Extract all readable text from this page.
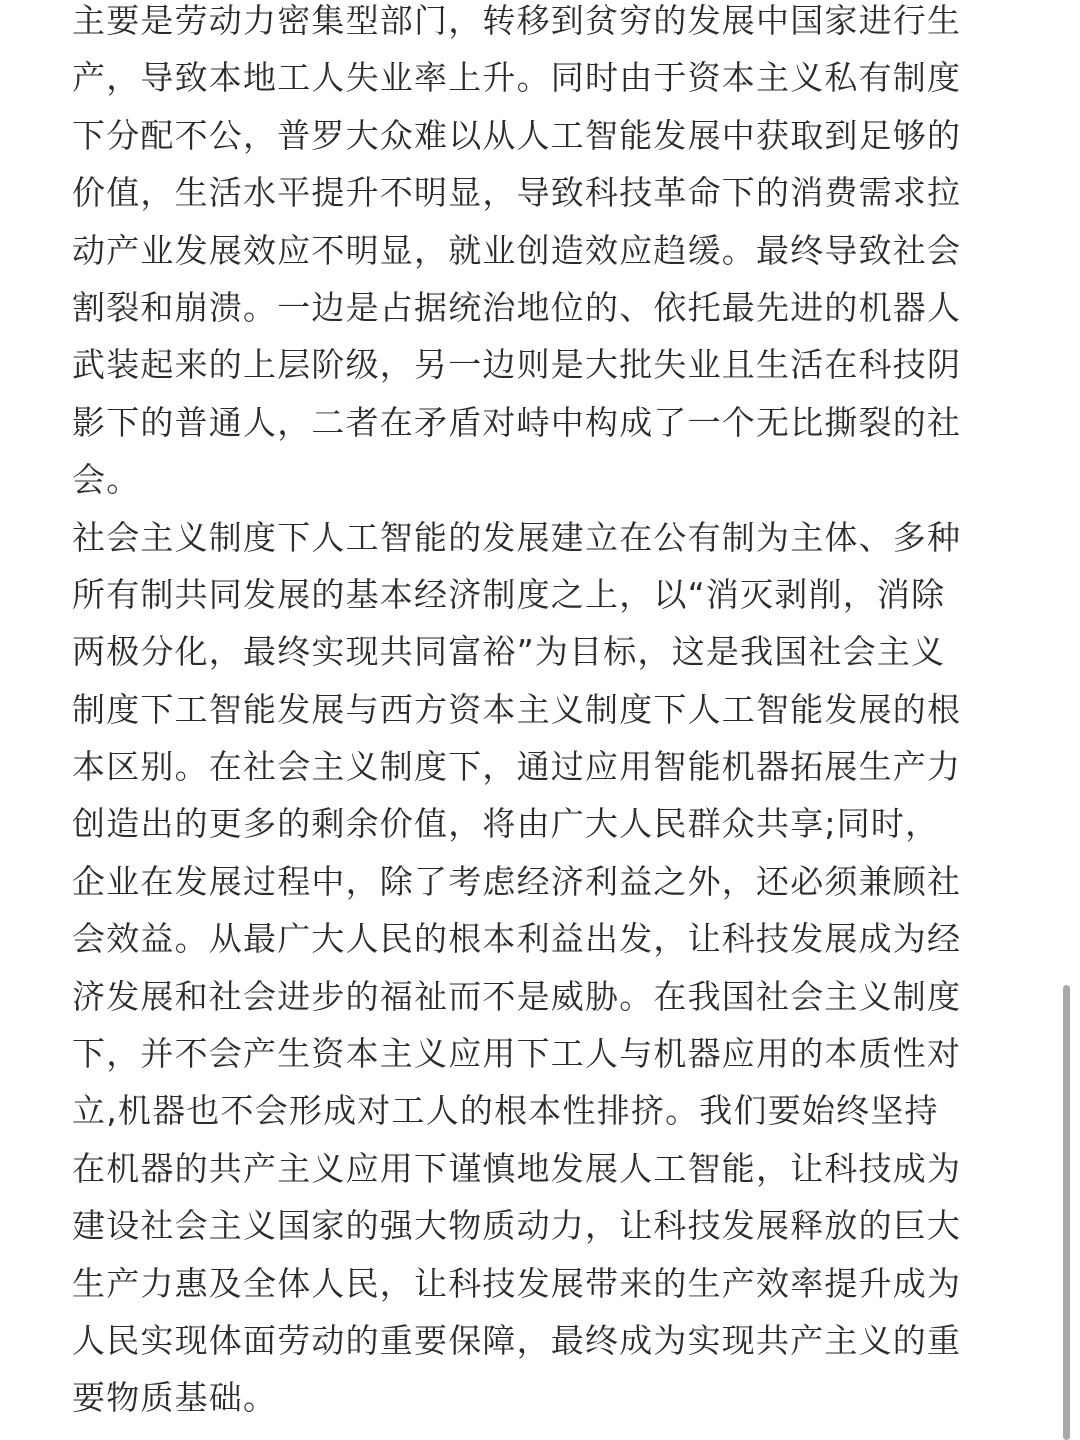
主要是劳动力密集型部门，转移到贫穷的发展中国家进行生

产，导致本地工人失业率上升。同时由于资本主义私有制度

下分配不公，普罗大众难以从人工智能发展中获取到足够的

价值，生活水平提升不明显，导致科技革命下的消费需求拉

动产业发展效应不明显，就业创造效应趋缓。最终导致社会

割裂和崩溃。一边是占据统治地位的、依托最先进的机器人

武装起来的上层阶级，另一边则是大批失业且生活在科技阴

影下的普通人，二者在矛盾对峙中构成了一个无比撕裂的社

会。

社会主义制度下人工智能的发展建立在公有制为主体、多种

所有制共同发展的基本经济制度之上，以“消灭剥削，消除

两极分化，最终实现共同富裕”为目标，这是我国社会主义

制度下工智能发展与西方资本主义制度下人工智能发展的根

本区别。在社会主义制度下，通过应用智能机器拓展生产力

创造出的更多的剩余价值，将由广大人民群众共享;同时，

企业在发展过程中，除了考虑经济利益之外，还必须兼顾社

会效益。从最广大人民的根本利益出发，让科技发展成为经

济发展和社会进步的福祉而不是威胁。在我国社会主义制度

下，并不会产生资本主义应用下工人与机器应用的本质性对

立,机器也不会形成对工人的根本性排挤。我们要始终坚持

在机器的共产主义应用下谨慎地发展人工智能，让科技成为

建设社会主义国家的强大物质动力，让科技发展释放的巨大

生产力惠及全体人民，让科技发展带来的生产效率提升成为

人民实现体面劳动的重要保障，最终成为实现共产主义的重

要物质基础。
